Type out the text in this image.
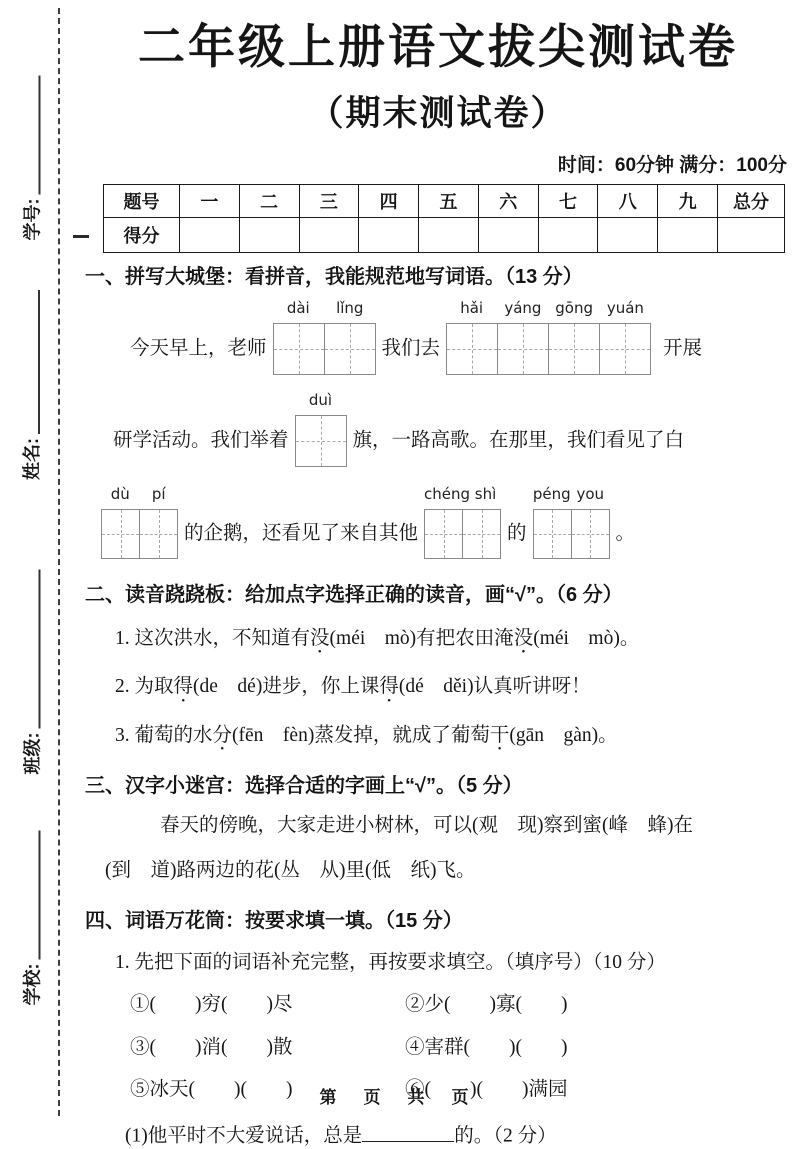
学号:
姓名:
班级:
学校:
二年级上册语文拔尖测试卷
（期末测试卷）
时间：60分钟 满分：100分
题号	一	二	三	四	五	六	七	八	九	总分
得分										
一、拼写大城堡：看拼音，我能规范地写词语。（13 分）
今天早上，老师
dài	lǐng
我们去
hǎi	yáng gōng yuán
开展
研学活动。我们举着
duì
旗，一路高歌。在那里，我们看见了白
dù	pí
的企鹅，还看见了来自其他
chéng shì
的
péng you
。
二、读音跷跷板：给加点字选择正确的读音，画“√”。（6 分）
1. 这次洪水，不知道有没(méi　mò)有把农田淹没(méi　mò)。
2. 为取得(de　dé)进步，你上课得(dé　děi)认真听讲呀！
3. 葡萄的水分(fēn　fèn)蒸发掉，就成了葡萄干(gān　gàn)。
三、汉字小迷宫：选择合适的字画上“√”。（5 分）
春天的傍晚，大家走进小树林，可以(观　现)察到蜜(峰　蜂)在
(到　道)路两边的花(丛　从)里(低　纸)飞。
四、词语万花筒：按要求填一填。（15 分）
1. 先把下面的词语补充完整，再按要求填空。（填序号）（10 分）
①(　　)穷(　　)尽	②少(　　)寡(　　)
③(　　)消(　　)散	④害群(　　)(　　)
⑤冰天(　　)(　　)	⑥(　　)(　　)满园
(1)他平时不大爱说话，总是	的。（2 分）
第　页　共　页
